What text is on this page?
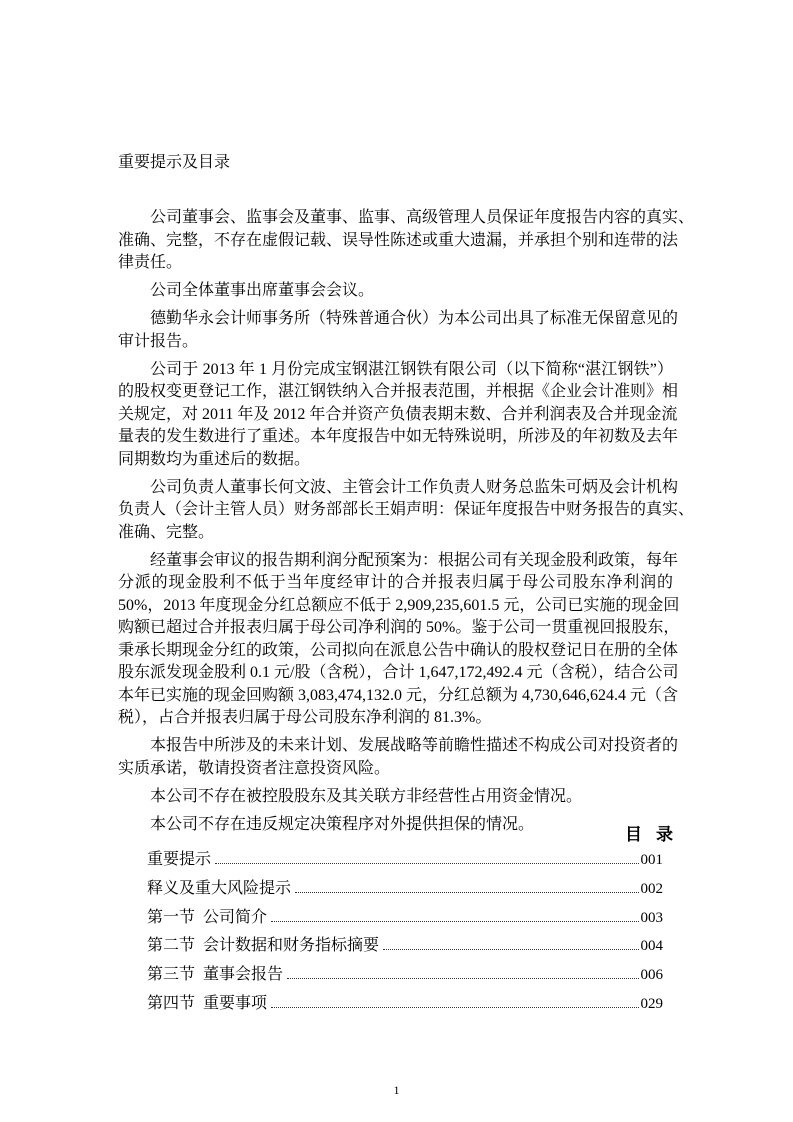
重要提示及目录
公司董事会、监事会及董事、监事、高级管理人员保证年度报告内容的真实、
准确、完整，不存在虚假记载、误导性陈述或重大遗漏，并承担个别和连带的法
律责任。
公司全体董事出席董事会会议。
德勤华永会计师事务所（特殊普通合伙）为本公司出具了标准无保留意见的
审计报告。
公司于 2013 年 1 月份完成宝钢湛江钢铁有限公司（以下简称“湛江钢铁”）
的股权变更登记工作，湛江钢铁纳入合并报表范围，并根据《企业会计准则》相
关规定，对 2011 年及 2012 年合并资产负债表期末数、合并利润表及合并现金流
量表的发生数进行了重述。本年度报告中如无特殊说明，所涉及的年初数及去年
同期数均为重述后的数据。
公司负责人董事长何文波、主管会计工作负责人财务总监朱可炳及会计机构
负责人（会计主管人员）财务部部长王娟声明：保证年度报告中财务报告的真实、
准确、完整。
经董事会审议的报告期利润分配预案为：根据公司有关现金股利政策，每年
分派的现金股利不低于当年度经审计的合并报表归属于母公司股东净利润的
50%，2013 年度现金分红总额应不低于 2,909,235,601.5 元，公司已实施的现金回
购额已超过合并报表归属于母公司净利润的 50%。鉴于公司一贯重视回报股东，
秉承长期现金分红的政策，公司拟向在派息公告中确认的股权登记日在册的全体
股东派发现金股利 0.1 元/股（含税），合计 1,647,172,492.4 元（含税），结合公司
本年已实施的现金回购额 3,083,474,132.0 元，分红总额为 4,730,646,624.4 元（含
税），占合并报表归属于母公司股东净利润的 81.3%。
本报告中所涉及的未来计划、发展战略等前瞻性描述不构成公司对投资者的
实质承诺，敬请投资者注意投资风险。
本公司不存在被控股股东及其关联方非经营性占用资金情况。
本公司不存在违反规定决策程序对外提供担保的情况。
目录
重要提示	001
释义及重大风险提示	002
第一节  公司简介	003
第二节  会计数据和财务指标摘要	004
第三节  董事会报告	006
第四节  重要事项	029
1
